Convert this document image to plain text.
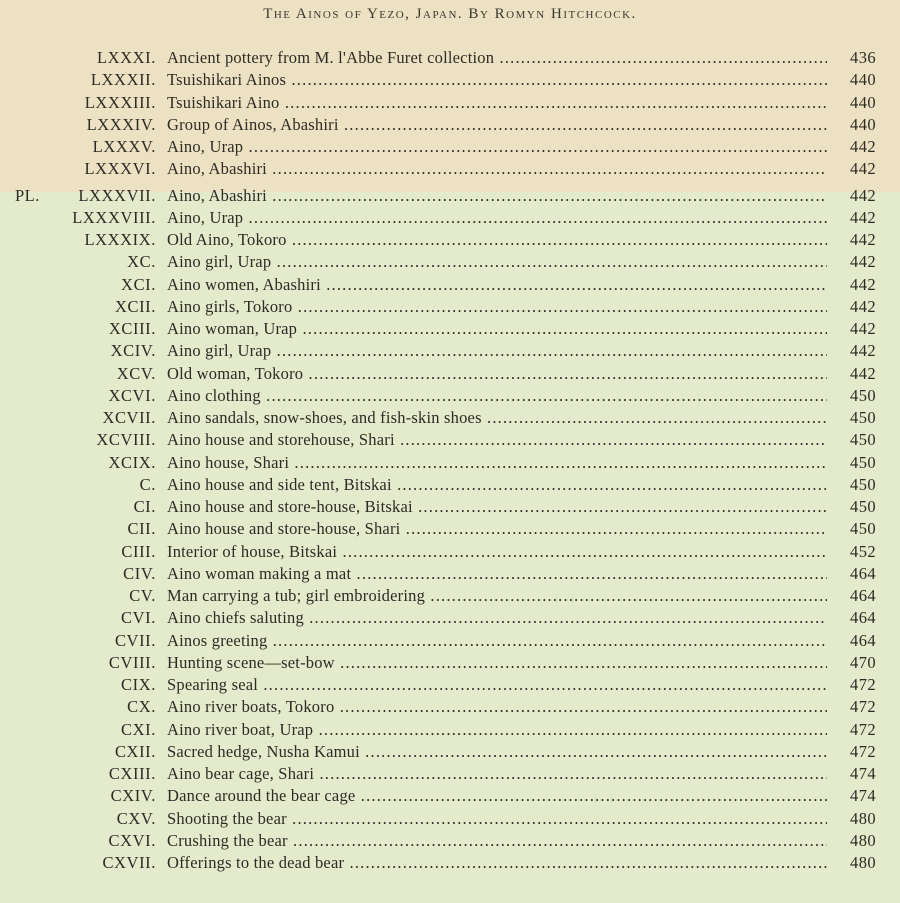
The Ainos of Yezo, Japan. By Romyn Hitchcock.
LXXXI. Ancient pottery from M. l'Abbe Furet collection .....	436
LXXXII. Tsuishikari Ainos .....	440
LXXXIII. Tsuishikari Aino .....	440
LXXXIV. Group of Ainos, Abashiri .....	440
LXXXV. Aino, Urap .....	442
LXXXVI. Aino, Abashiri .....	442
PL. LXXXVII. Aino, Abashiri .....	442
LXXXVIII. Aino, Urap .....	442
LXXXIX. Old Aino, Tokoro .....	442
XC. Aino girl, Urap .....	442
XCI. Aino women, Abashiri .....	442
XCII. Aino girls, Tokoro .....	442
XCIII. Aino woman, Urap .....	442
XCIV. Aino girl, Urap .....	442
XCV. Old woman, Tokoro .....	442
XCVI. Aino clothing .....	450
XCVII. Aino sandals, snow-shoes, and fish-skin shoes .....	450
XCVIII. Aino house and storehouse, Shari .....	450
XCIX. Aino house, Shari .....	450
C. Aino house and side tent, Bitskai .....	450
CI. Aino house and store-house, Bitskai .....	450
CII. Aino house and store-house, Shari .....	450
CIII. Interior of house, Bitskai .....	452
CIV. Aino woman making a mat .....	464
CV. Man carrying a tub; girl embroidering .....	464
CVI. Aino chiefs saluting .....	464
CVII. Ainos greeting .....	464
CVIII. Hunting scene—set-bow .....	470
CIX. Spearing seal .....	472
CX. Aino river boats, Tokoro .....	472
CXI. Aino river boat, Urap .....	472
CXII. Sacred hedge, Nusha Kamui .....	472
CXIII. Aino bear cage, Shari .....	474
CXIV. Dance around the bear cage .....	474
CXV. Shooting the bear .....	480
CXVI. Crushing the bear .....	480
CXVII. Offerings to the dead bear .....	480
